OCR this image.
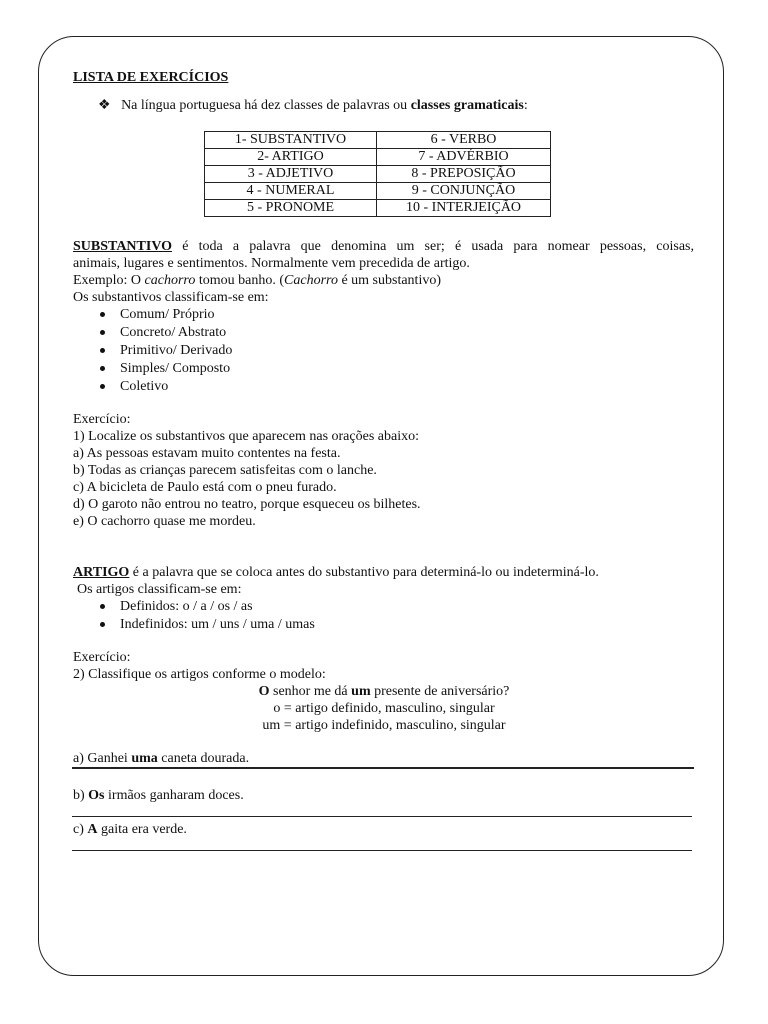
LISTA DE EXERCÍCIOS
❖ Na língua portuguesa há dez classes de palavras ou classes gramaticais:
1- SUBSTANTIVO	6 - VERBO
2- ARTIGO	7 - ADVÉRBIO
3 - ADJETIVO	8 - PREPOSIÇÃO
4 - NUMERAL	9 - CONJUNÇÃO
5 - PRONOME	10 - INTERJEIÇÃO
SUBSTANTIVO é toda a palavra que denomina um ser; é usada para nomear pessoas, coisas,
animais, lugares e sentimentos. Normalmente vem precedida de artigo.
Exemplo: O cachorro tomou banho. (Cachorro é um substantivo)
Os substantivos classificam-se em:
Comum/ Próprio
Concreto/ Abstrato
Primitivo/ Derivado
Simples/ Composto
Coletivo
Exercício:
1) Localize os substantivos que aparecem nas orações abaixo:
a) As pessoas estavam muito contentes na festa.
b) Todas as crianças parecem satisfeitas com o lanche.
c) A bicicleta de Paulo está com o pneu furado.
d) O garoto não entrou no teatro, porque esqueceu os bilhetes.
e) O cachorro quase me mordeu.
ARTIGO é a palavra que se coloca antes do substantivo para determiná-lo ou indeterminá-lo.
Os artigos classificam-se em:
Definidos: o / a / os / as
Indefinidos: um / uns / uma / umas
Exercício:
2) Classifique os artigos conforme o modelo:
O senhor me dá um presente de aniversário?
o = artigo definido, masculino, singular
um = artigo indefinido, masculino, singular
a) Ganhei uma caneta dourada.
b) Os irmãos ganharam doces.
c) A gaita era verde.
